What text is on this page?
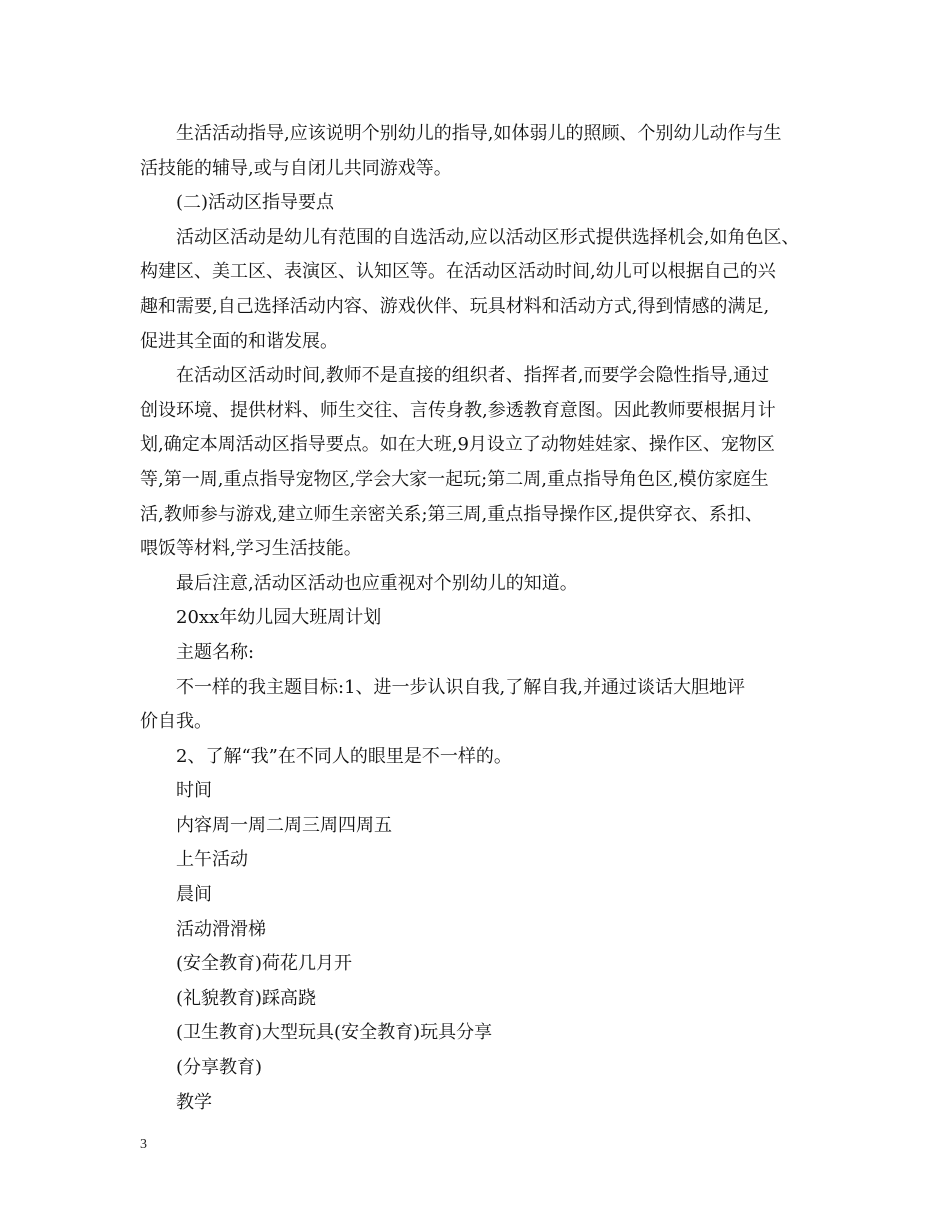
生活活动指导,应该说明个别幼儿的指导,如体弱儿的照顾、个别幼儿动作与生
活技能的辅导,或与自闭儿共同游戏等。
(二)活动区指导要点
活动区活动是幼儿有范围的自选活动,应以活动区形式提供选择机会,如角色区、
构建区、美工区、表演区、认知区等。在活动区活动时间,幼儿可以根据自己的兴
趣和需要,自己选择活动内容、游戏伙伴、玩具材料和活动方式,得到情感的满足,
促进其全面的和谐发展。
在活动区活动时间,教师不是直接的组织者、指挥者,而要学会隐性指导,通过
创设环境、提供材料、师生交往、言传身教,参透教育意图。因此教师要根据月计
划,确定本周活动区指导要点。如在大班,9月设立了动物娃娃家、操作区、宠物区
等,第一周,重点指导宠物区,学会大家一起玩;第二周,重点指导角色区,模仿家庭生
活,教师参与游戏,建立师生亲密关系;第三周,重点指导操作区,提供穿衣、系扣、
喂饭等材料,学习生活技能。
最后注意,活动区活动也应重视对个别幼儿的知道。
20xx年幼儿园大班周计划
主题名称:
不一样的我主题目标:1、进一步认识自我,了解自我,并通过谈话大胆地评
价自我。
2、了解“我”在不同人的眼里是不一样的。
时间
内容周一周二周三周四周五
上午活动
晨间
活动滑滑梯
(安全教育)荷花几月开
(礼貌教育)踩高跷
(卫生教育)大型玩具(安全教育)玩具分享
(分享教育)
教学
3
